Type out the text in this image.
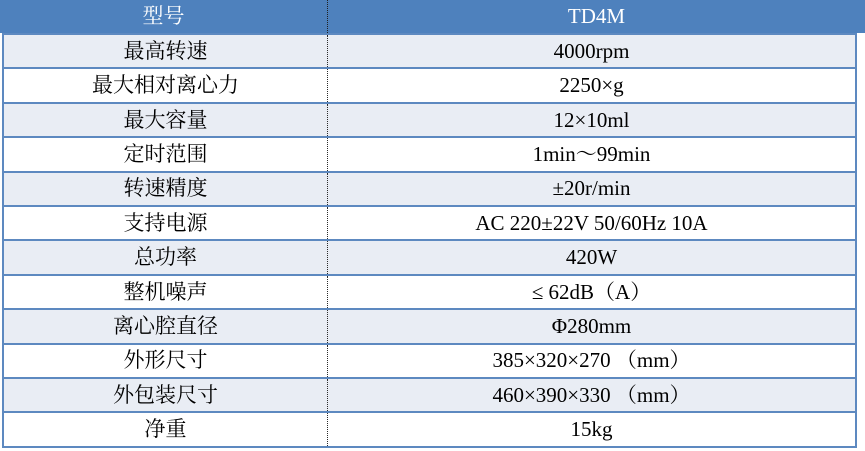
型号	TD4M
最高转速	4000rpm
最大相对离心力	2250×g
最大容量	12×10ml
定时范围	1min～99min
转速精度	±20r/min
支持电源	AC 220±22V 50/60Hz 10A
总功率	420W
整机噪声	≤ 62dB（A）
离心腔直径	Φ280mm
外形尺寸	385×320×270 （mm）
外包装尺寸	460×390×330 （mm）
净重	15kg
